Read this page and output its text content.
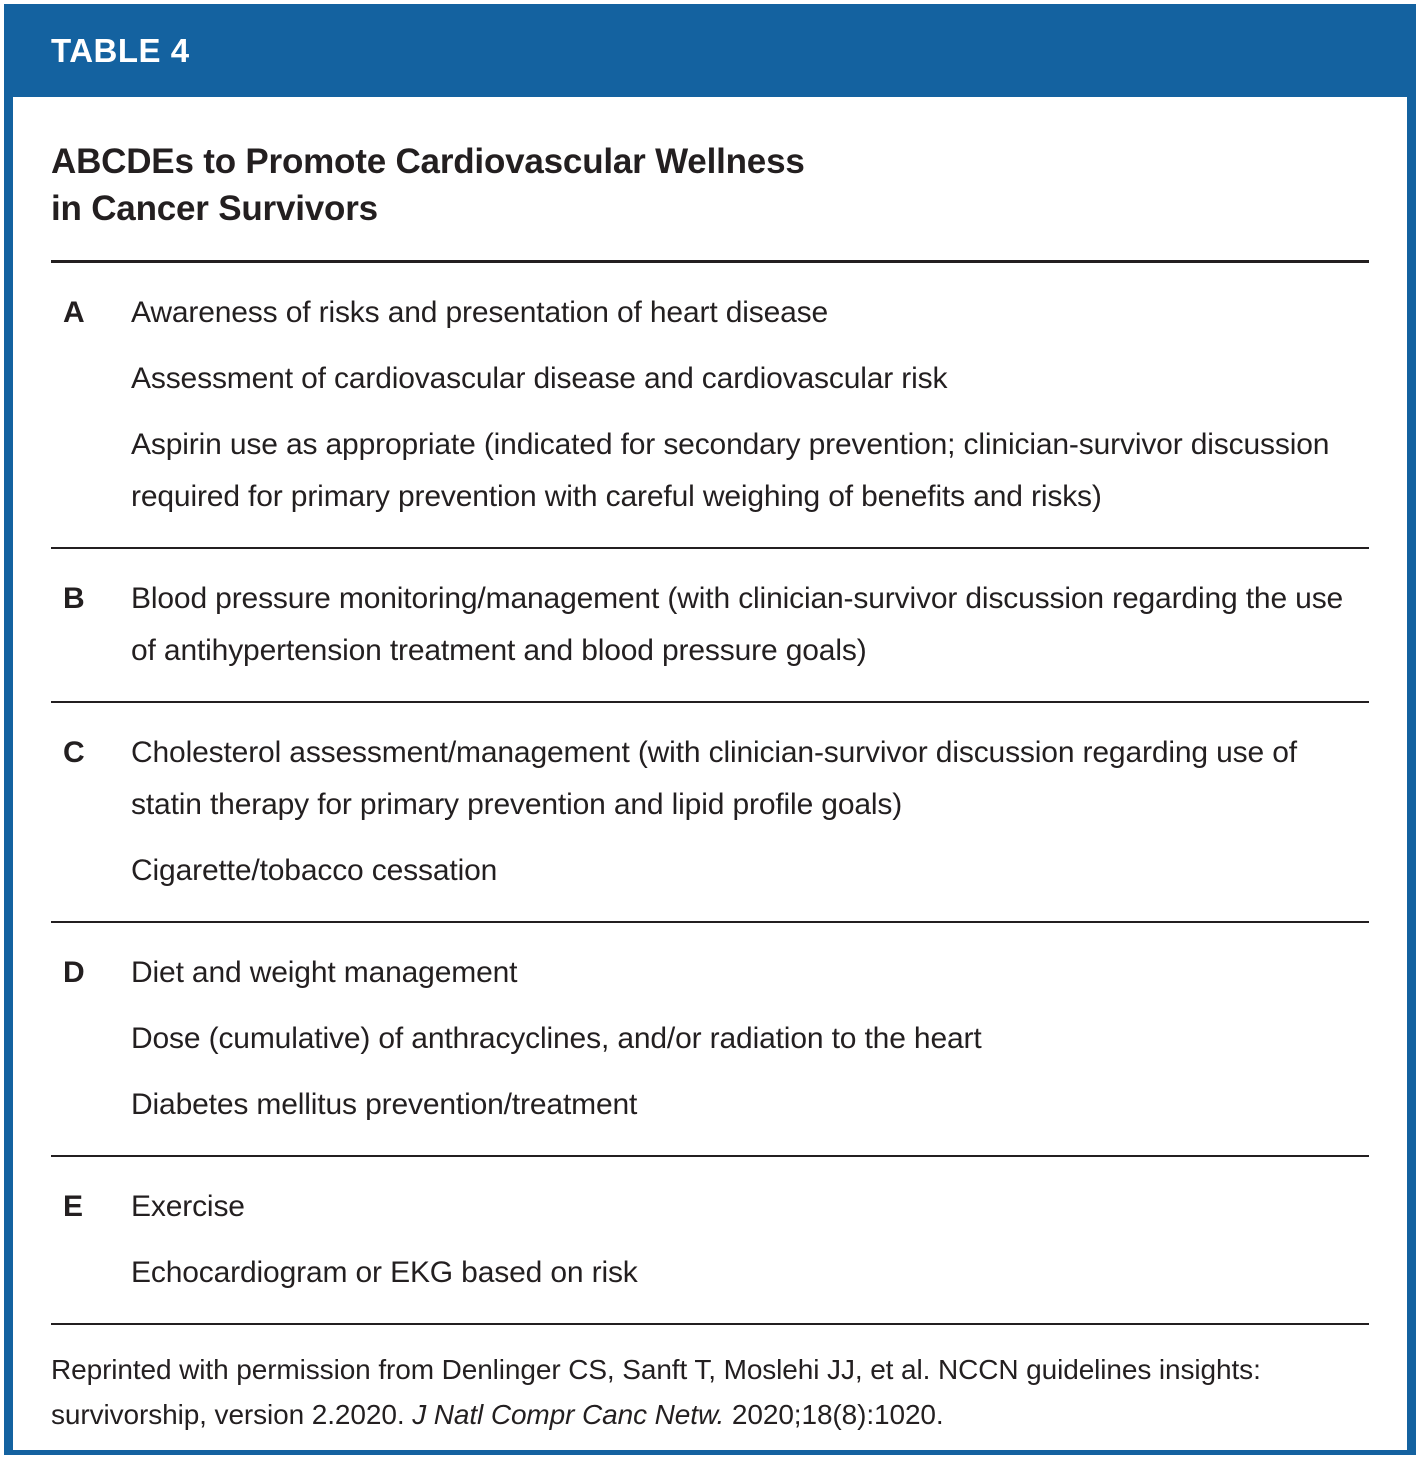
TABLE 4
ABCDEs to Promote Cardiovascular Wellness
in Cancer Survivors
A	Awareness of risks and presentation of heart disease

Assessment of cardiovascular disease and cardiovascular risk

Aspirin use as appropriate (indicated for secondary prevention; clinician-survivor discussion required for primary prevention with careful weighing of benefits and risks)

B	Blood pressure monitoring/management (with clinician-survivor discussion regarding the use of antihypertension treatment and blood pressure goals)

C	Cholesterol assessment/management (with clinician-survivor discussion regarding use of statin therapy for primary prevention and lipid profile goals)

Cigarette/tobacco cessation

D	Diet and weight management

Dose (cumulative) of anthracyclines, and/or radiation to the heart

Diabetes mellitus prevention/treatment

E	Exercise

Echocardiogram or EKG based on risk

Reprinted with permission from Denlinger CS, Sanft T, Moslehi JJ, et al. NCCN guidelines insights: survivorship, version 2.2020. J Natl Compr Canc Netw. 2020;18(8):1020.
